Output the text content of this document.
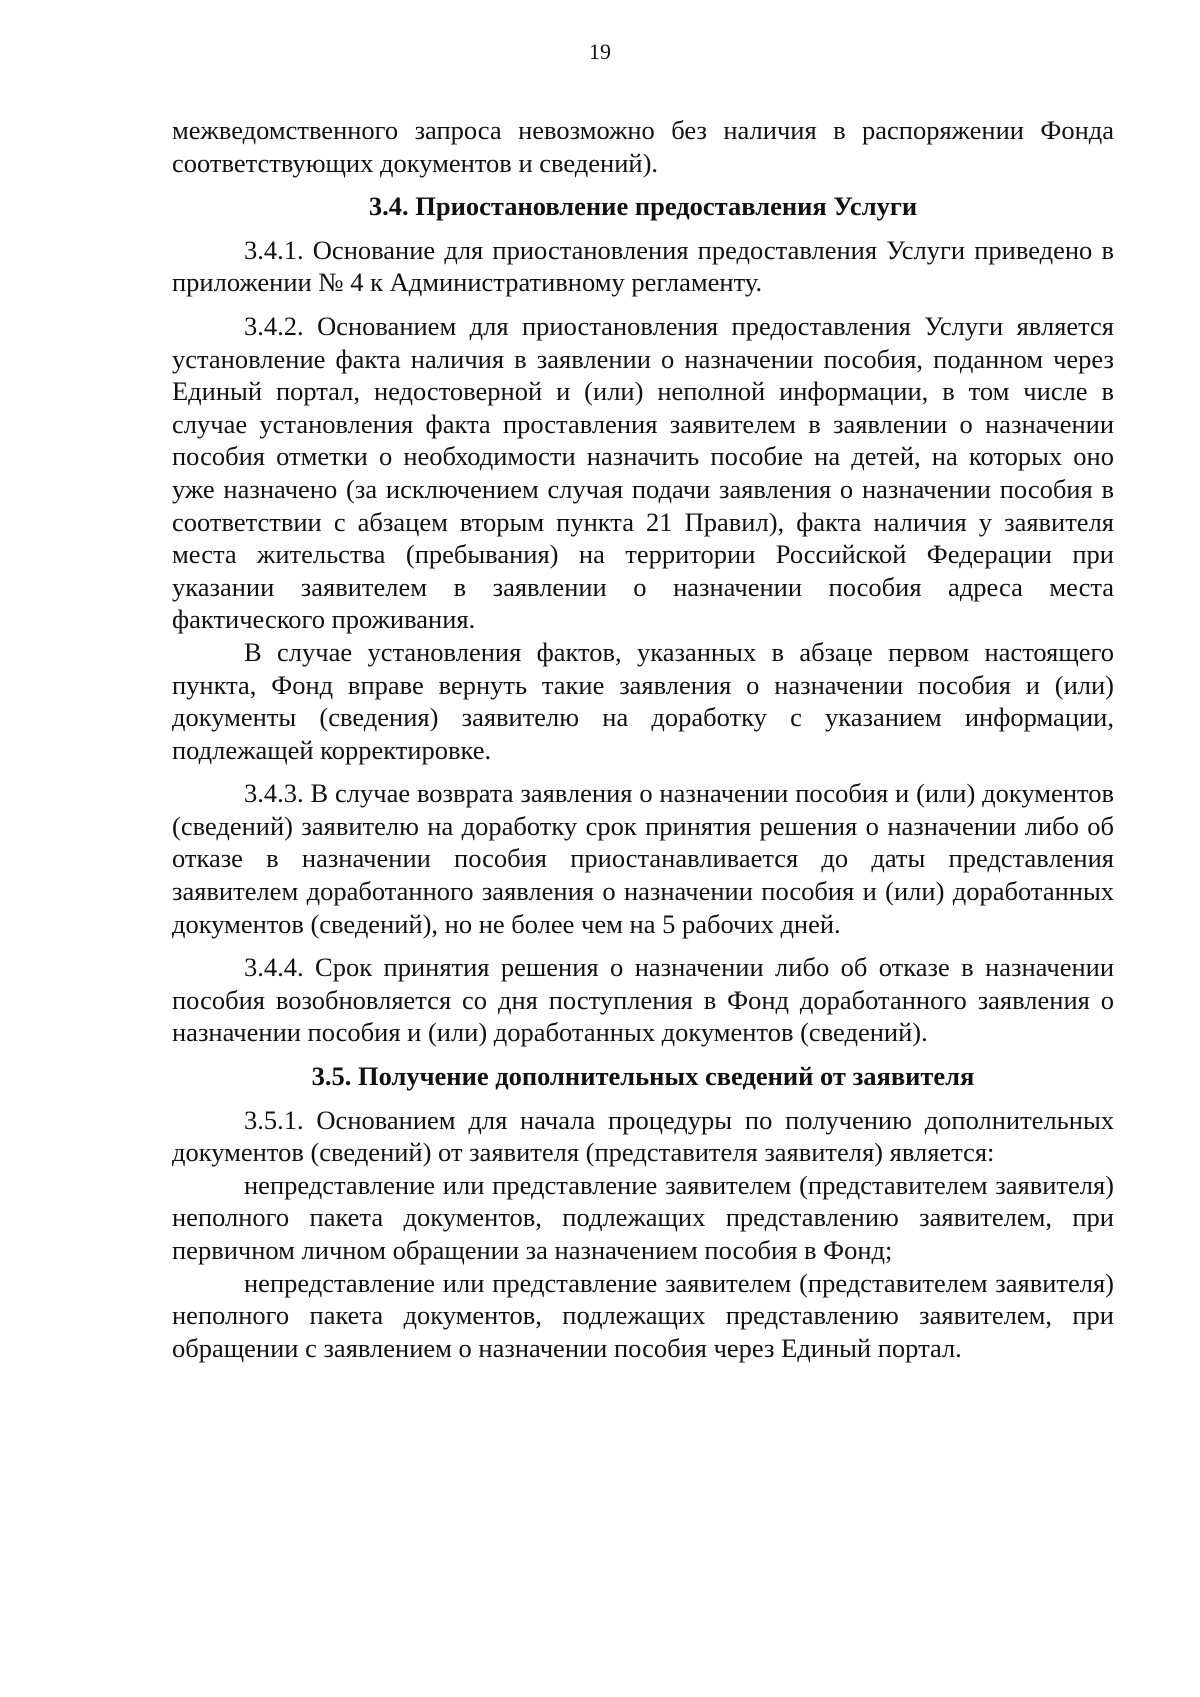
19

межведомственного запроса невозможно без наличия в распоряжении Фонда соответствующих документов и сведений).

3.4. Приостановление предоставления Услуги

3.4.1. Основание для приостановления предоставления Услуги приведено в приложении № 4 к Административному регламенту.

3.4.2. Основанием для приостановления предоставления Услуги является установление факта наличия в заявлении о назначении пособия, поданном через Единый портал, недостоверной и (или) неполной информации, в том числе в случае установления факта проставления заявителем в заявлении о назначении пособия отметки о необходимости назначить пособие на детей, на которых оно уже назначено (за исключением случая подачи заявления о назначении пособия в соответствии с абзацем вторым пункта 21 Правил), факта наличия у заявителя места жительства (пребывания) на территории Российской Федерации при указании заявителем в заявлении о назначении пособия адреса места фактического проживания.

В случае установления фактов, указанных в абзаце первом настоящего пункта, Фонд вправе вернуть такие заявления о назначении пособия и (или) документы (сведения) заявителю на доработку с указанием информации, подлежащей корректировке.

3.4.3. В случае возврата заявления о назначении пособия и (или) документов (сведений) заявителю на доработку срок принятия решения о назначении либо об отказе в назначении пособия приостанавливается до даты представления заявителем доработанного заявления о назначении пособия и (или) доработанных документов (сведений), но не более чем на 5 рабочих дней.

3.4.4. Срок принятия решения о назначении либо об отказе в назначении пособия возобновляется со дня поступления в Фонд доработанного заявления о назначении пособия и (или) доработанных документов (сведений).

3.5. Получение дополнительных сведений от заявителя

3.5.1. Основанием для начала процедуры по получению дополнительных документов (сведений) от заявителя (представителя заявителя) является:

непредставление или представление заявителем (представителем заявителя) неполного пакета документов, подлежащих представлению заявителем, при первичном личном обращении за назначением пособия в Фонд;

непредставление или представление заявителем (представителем заявителя) неполного пакета документов, подлежащих представлению заявителем, при обращении с заявлением о назначении пособия через Единый портал.
